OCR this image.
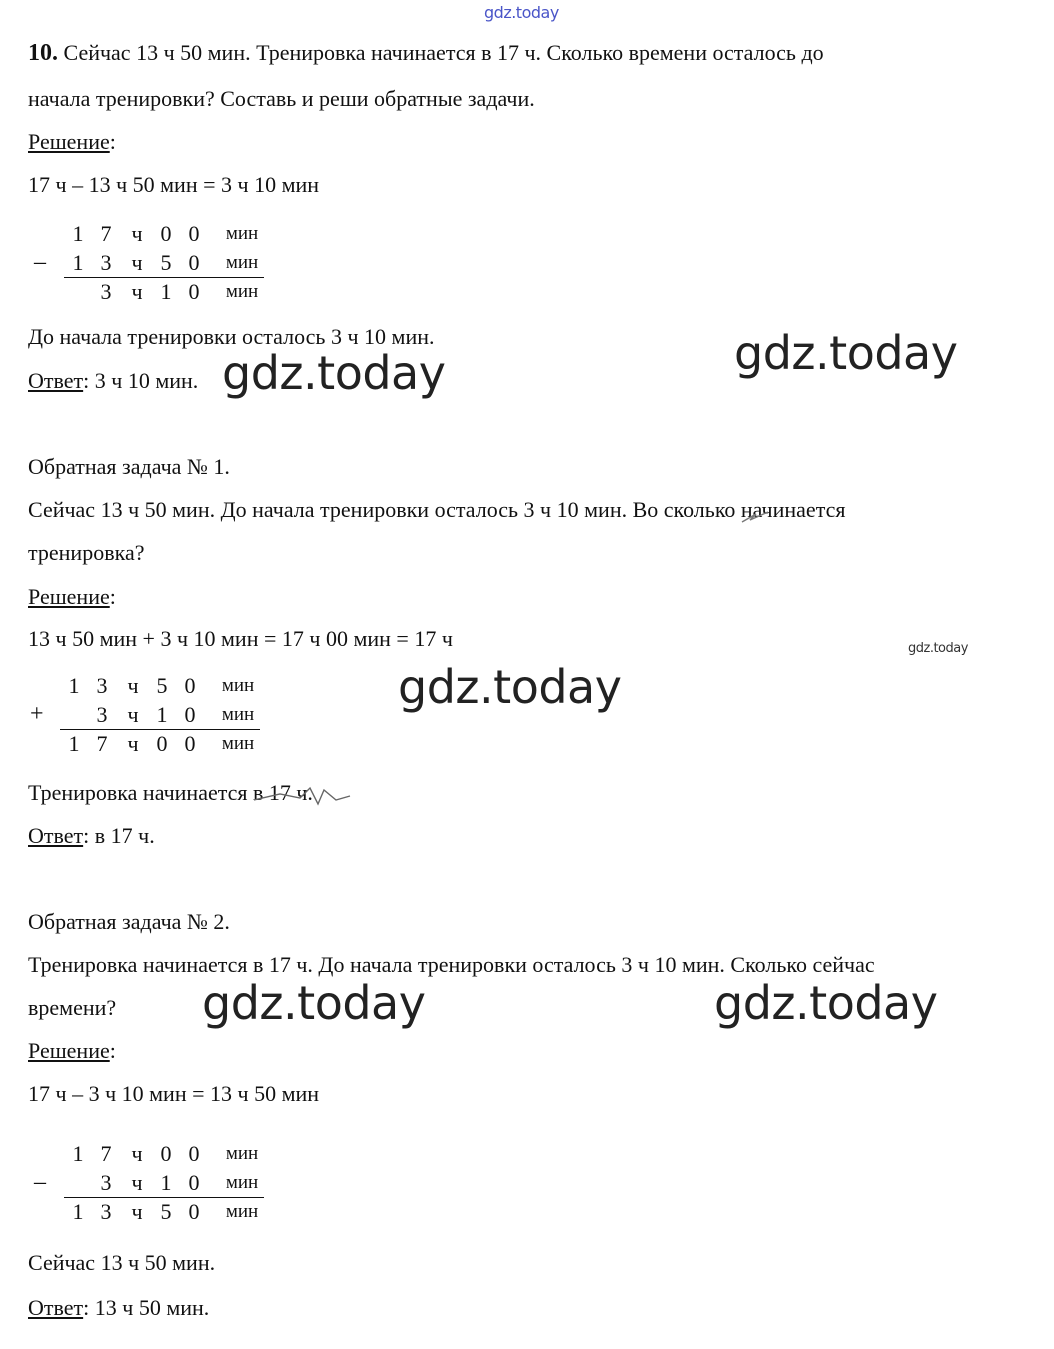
gdz.today
10. Сейчас 13 ч 50 мин. Тренировка начинается в 17 ч. Сколько времени осталось до
начала тренировки? Составь и реши обратные задачи.
Решение:
17 ч – 13 ч 50 мин = 3 ч 10 мин
–
1 7 ч 0 0	мин
1 3 ч 5 0	мин
3 ч 1 0	мин
До начала тренировки осталось 3 ч 10 мин.
Ответ: 3 ч 10 мин.
Обратная задача № 1.
Сейчас 13 ч 50 мин. До начала тренировки осталось 3 ч 10 мин. Во сколько начинается
тренировка?
Решение:
13 ч 50 мин + 3 ч 10 мин = 17 ч 00 мин = 17 ч
+
1 3 ч 5 0	мин
3 ч 1 0	мин
1 7 ч 0 0	мин
Тренировка начинается в 17 ч.
Ответ: в 17 ч.
Обратная задача № 2.
Тренировка начинается в 17 ч. До начала тренировки осталось 3 ч 10 мин. Сколько сейчас
времени?
Решение:
17 ч – 3 ч 10 мин = 13 ч 50 мин
–
1 7 ч 0 0	мин
3 ч 1 0	мин
1 3 ч 5 0	мин
Сейчас 13 ч 50 мин.
Ответ: 13 ч 50 мин.
gdz.today
gdz.today
gdz.today
gdz.today
gdz.today	gdz.today
